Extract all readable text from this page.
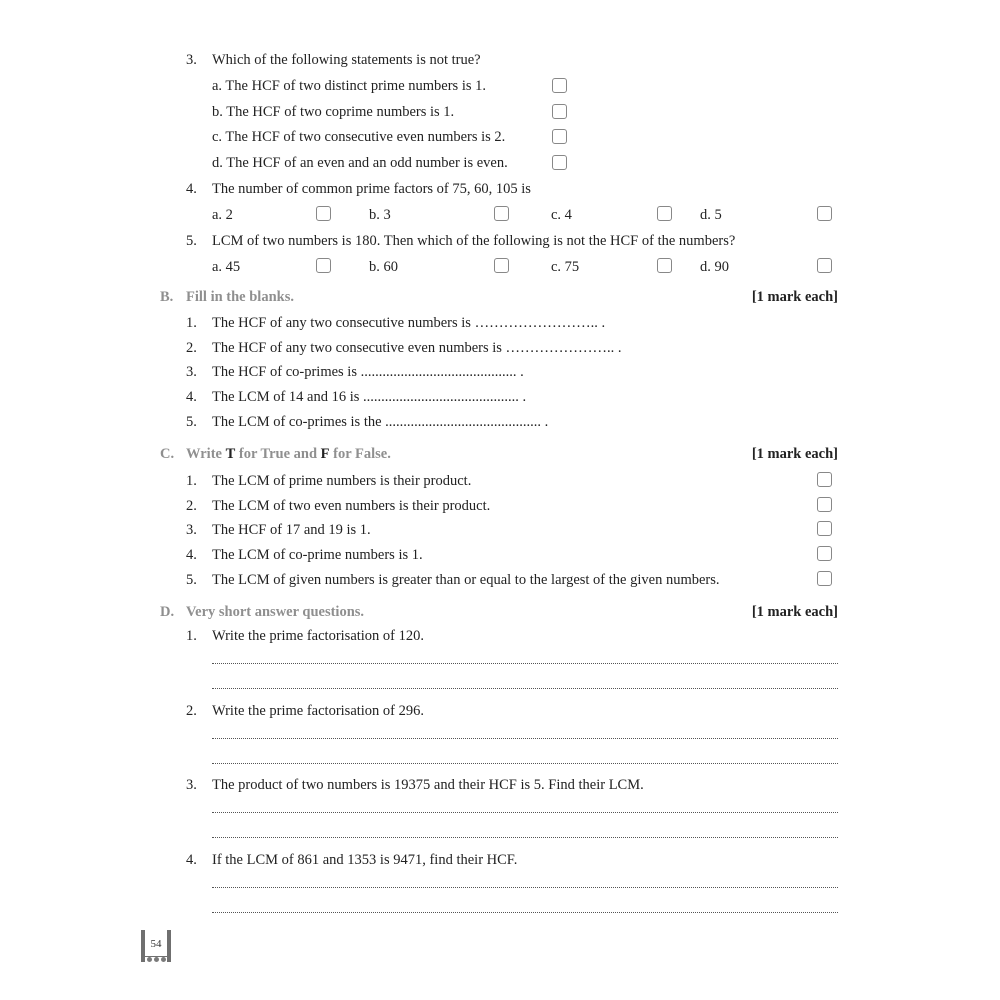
3. Which of the following statements is not true?
a. The HCF of two distinct prime numbers is 1.
b. The HCF of two coprime numbers is 1.
c. The HCF of two consecutive even numbers is 2.
d. The HCF of an even and an odd number is even.
4. The number of common prime factors of 75, 60, 105 is
a. 2	b. 3	c. 4	d. 5
5. LCM of two numbers is 180. Then which of the following is not the HCF of the numbers?
a. 45	b. 60	c. 75	d. 90
B. Fill in the blanks.	[1 mark each]
1. The HCF of any two consecutive numbers is …………………….. .
2. The HCF of any two consecutive even numbers is ………………….. .
3. The HCF of co-primes is ........................................... .
4. The LCM of 14 and 16 is ........................................... .
5. The LCM of co-primes is the ........................................... .
C. Write T for True and F for False.	[1 mark each]
1. The LCM of prime numbers is their product.
2. The LCM of two even numbers is their product.
3. The HCF of 17 and 19 is 1.
4. The LCM of co-prime numbers is 1.
5. The LCM of given numbers is greater than or equal to the largest of the given numbers.
D. Very short answer questions.	[1 mark each]
1. Write the prime factorisation of 120.
2. Write the prime factorisation of 296.
3. The product of two numbers is 19375 and their HCF is 5. Find their LCM.
4. If the LCM of 861 and 1353 is 9471, find their HCF.
54
